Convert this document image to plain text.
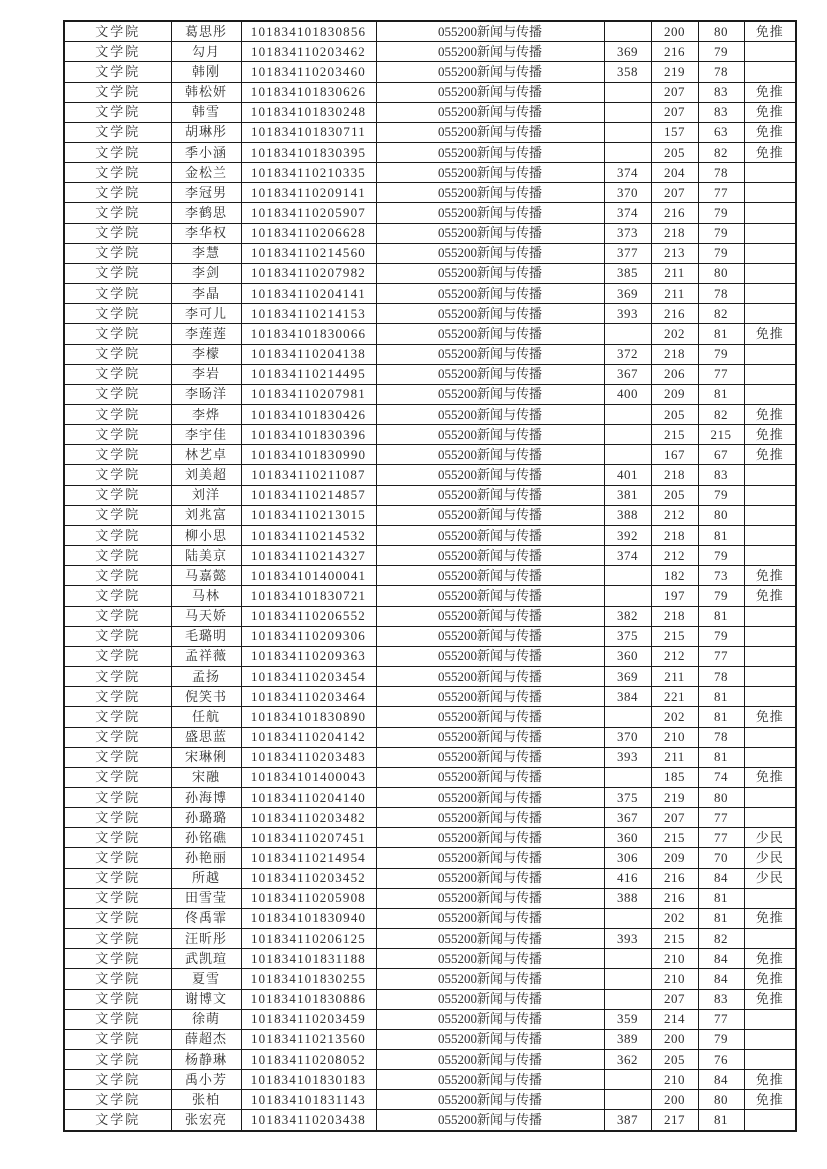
文学院	葛思彤	101834101830856	055200新闻与传播		200	80	免推
文学院	勾月	101834110203462	055200新闻与传播	369	216	79	
文学院	韩刚	101834110203460	055200新闻与传播	358	219	78	
文学院	韩松妍	101834101830626	055200新闻与传播		207	83	免推
文学院	韩雪	101834101830248	055200新闻与传播		207	83	免推
文学院	胡琳彤	101834101830711	055200新闻与传播		157	63	免推
文学院	季小涵	101834101830395	055200新闻与传播		205	82	免推
文学院	金松兰	101834110210335	055200新闻与传播	374	204	78	
文学院	李冠男	101834110209141	055200新闻与传播	370	207	77	
文学院	李鹤思	101834110205907	055200新闻与传播	374	216	79	
文学院	李华权	101834110206628	055200新闻与传播	373	218	79	
文学院	李慧	101834110214560	055200新闻与传播	377	213	79	
文学院	李剑	101834110207982	055200新闻与传播	385	211	80	
文学院	李晶	101834110204141	055200新闻与传播	369	211	78	
文学院	李可儿	101834110214153	055200新闻与传播	393	216	82	
文学院	李莲莲	101834101830066	055200新闻与传播		202	81	免推
文学院	李檬	101834110204138	055200新闻与传播	372	218	79	
文学院	李岩	101834110214495	055200新闻与传播	367	206	77	
文学院	李旸洋	101834110207981	055200新闻与传播	400	209	81	
文学院	李烨	101834101830426	055200新闻与传播		205	82	免推
文学院	李宇佳	101834101830396	055200新闻与传播		215	215	免推
文学院	林艺卓	101834101830990	055200新闻与传播		167	67	免推
文学院	刘美超	101834110211087	055200新闻与传播	401	218	83	
文学院	刘洋	101834110214857	055200新闻与传播	381	205	79	
文学院	刘兆富	101834110213015	055200新闻与传播	388	212	80	
文学院	柳小思	101834110214532	055200新闻与传播	392	218	81	
文学院	陆美京	101834110214327	055200新闻与传播	374	212	79	
文学院	马嘉懿	101834101400041	055200新闻与传播		182	73	免推
文学院	马林	101834101830721	055200新闻与传播		197	79	免推
文学院	马天娇	101834110206552	055200新闻与传播	382	218	81	
文学院	毛璐明	101834110209306	055200新闻与传播	375	215	79	
文学院	孟祥薇	101834110209363	055200新闻与传播	360	212	77	
文学院	孟扬	101834110203454	055200新闻与传播	369	211	78	
文学院	倪笑书	101834110203464	055200新闻与传播	384	221	81	
文学院	任航	101834101830890	055200新闻与传播		202	81	免推
文学院	盛思蓝	101834110204142	055200新闻与传播	370	210	78	
文学院	宋琳俐	101834110203483	055200新闻与传播	393	211	81	
文学院	宋融	101834101400043	055200新闻与传播		185	74	免推
文学院	孙海博	101834110204140	055200新闻与传播	375	219	80	
文学院	孙璐璐	101834110203482	055200新闻与传播	367	207	77	
文学院	孙铭礁	101834110207451	055200新闻与传播	360	215	77	少民
文学院	孙艳丽	101834110214954	055200新闻与传播	306	209	70	少民
文学院	所越	101834110203452	055200新闻与传播	416	216	84	少民
文学院	田雪莹	101834110205908	055200新闻与传播	388	216	81	
文学院	佟禹霏	101834101830940	055200新闻与传播		202	81	免推
文学院	汪昕彤	101834110206125	055200新闻与传播	393	215	82	
文学院	武凯瑄	101834101831188	055200新闻与传播		210	84	免推
文学院	夏雪	101834101830255	055200新闻与传播		210	84	免推
文学院	谢博文	101834101830886	055200新闻与传播		207	83	免推
文学院	徐萌	101834110203459	055200新闻与传播	359	214	77	
文学院	薛超杰	101834110213560	055200新闻与传播	389	200	79	
文学院	杨静琳	101834110208052	055200新闻与传播	362	205	76	
文学院	禹小芳	101834101830183	055200新闻与传播		210	84	免推
文学院	张柏	101834101831143	055200新闻与传播		200	80	免推
文学院	张宏亮	101834110203438	055200新闻与传播	387	217	81	
